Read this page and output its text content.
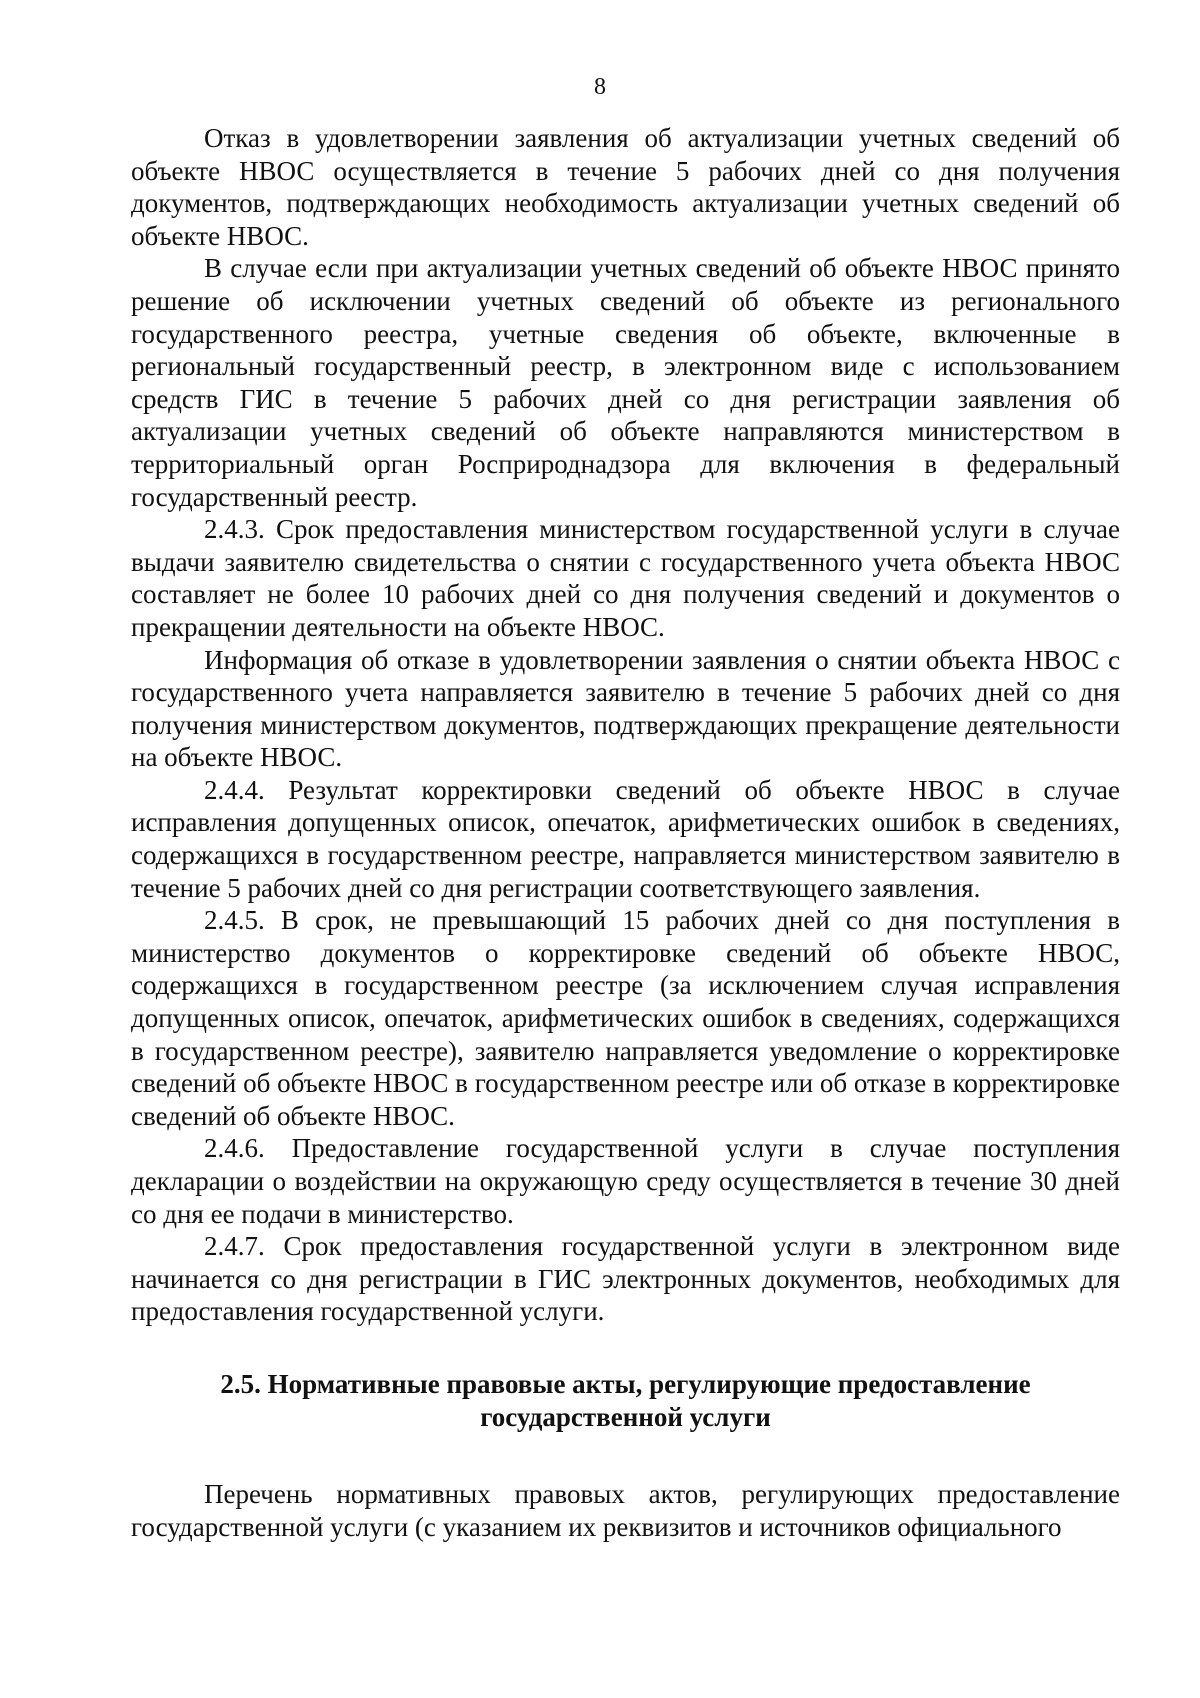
8

Отказ в удовлетворении заявления об актуализации учетных сведений об объекте НВОС осуществляется в течение 5 рабочих дней со дня получения документов, подтверждающих необходимость актуализации учетных сведений об объекте НВОС.

В случае если при актуализации учетных сведений об объекте НВОС принято решение об исключении учетных сведений об объекте из регионального государственного реестра, учетные сведения об объекте, включенные в региональный государственный реестр, в электронном виде с использованием средств ГИС в течение 5 рабочих дней со дня регистрации заявления об актуализации учетных сведений об объекте направляются министерством в территориальный орган Росприроднадзора для включения в федеральный государственный реестр.

2.4.3. Срок предоставления министерством государственной услуги в случае выдачи заявителю свидетельства о снятии с государственного учета объекта НВОС составляет не более 10 рабочих дней со дня получения сведений и документов о прекращении деятельности на объекте НВОС.

Информация об отказе в удовлетворении заявления о снятии объекта НВОС с государственного учета направляется заявителю в течение 5 рабочих дней со дня получения министерством документов, подтверждающих прекращение деятельности на объекте НВОС.

2.4.4. Результат корректировки сведений об объекте НВОС в случае исправления допущенных описок, опечаток, арифметических ошибок в сведениях, содержащихся в государственном реестре, направляется министерством заявителю в течение 5 рабочих дней со дня регистрации соответствующего заявления.

2.4.5. В срок, не превышающий 15 рабочих дней со дня поступления в министерство документов о корректировке сведений об объекте НВОС, содержащихся в государственном реестре (за исключением случая исправления допущенных описок, опечаток, арифметических ошибок в сведениях, содержащихся в государственном реестре), заявителю направляется уведомление о корректировке сведений об объекте НВОС в государственном реестре или об отказе в корректировке сведений об объекте НВОС.

2.4.6. Предоставление государственной услуги в случае поступления декларации о воздействии на окружающую среду осуществляется в течение 30 дней со дня ее подачи в министерство.

2.4.7. Срок предоставления государственной услуги в электронном виде начинается со дня регистрации в ГИС электронных документов, необходимых для предоставления государственной услуги.

2.5. Нормативные правовые акты, регулирующие предоставление

государственной услуги

Перечень нормативных правовых актов, регулирующих предоставление государственной услуги (с указанием их реквизитов и источников официального
